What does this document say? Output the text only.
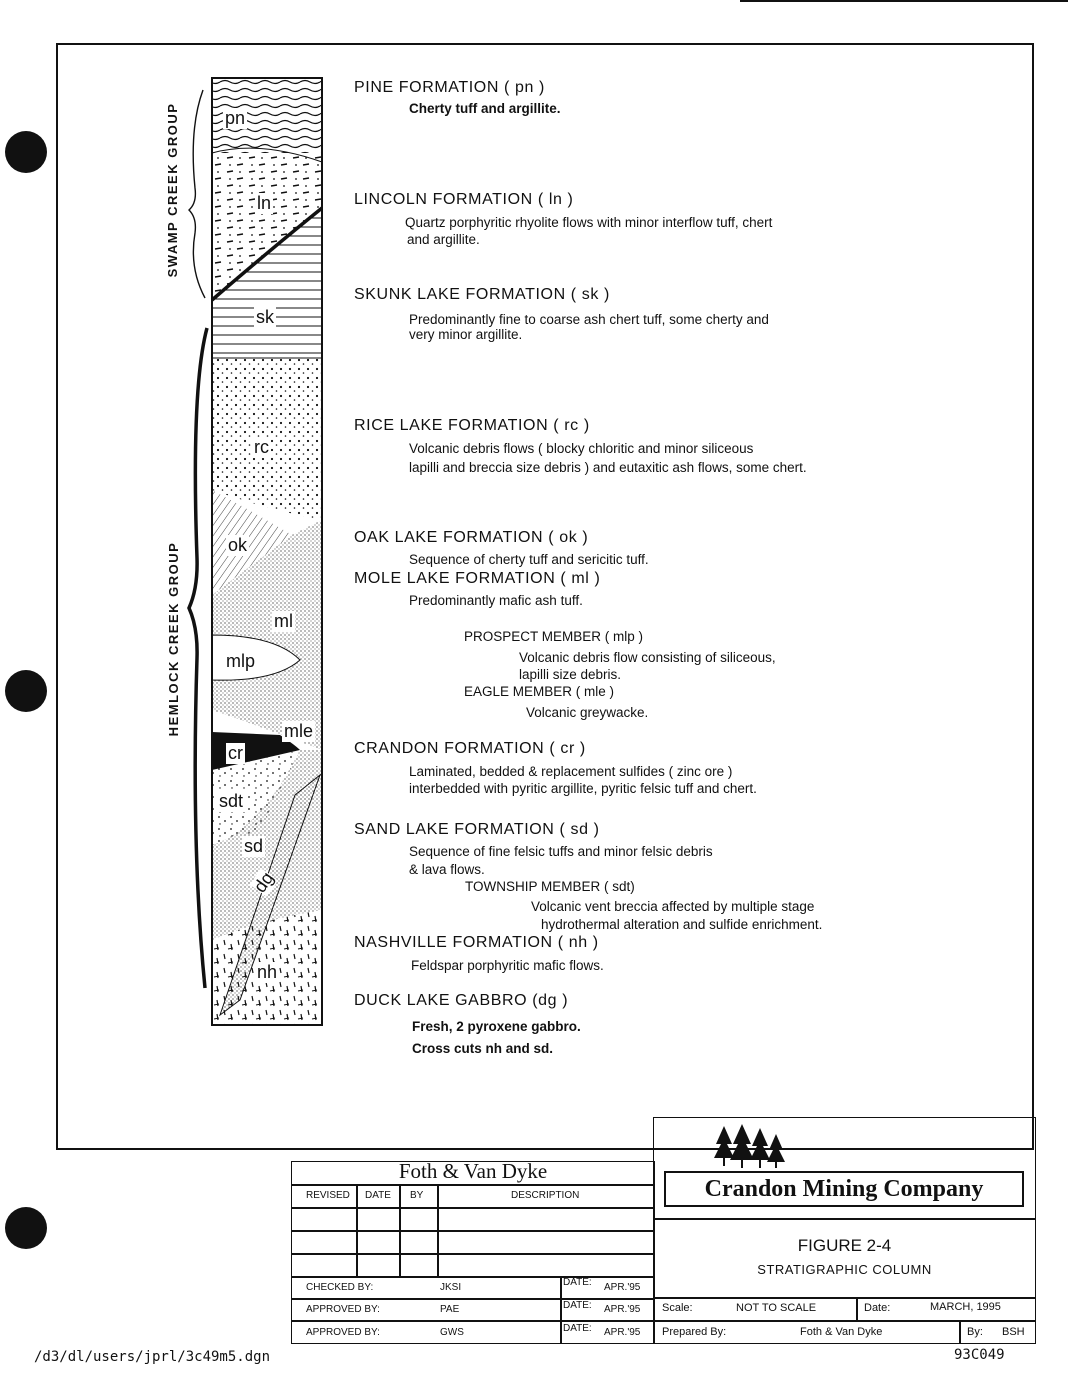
SWAMP CREEK GROUP
HEMLOCK CREEK GROUP
pn
ln
sk
rc
ok
ml
mlp
mle
cr
sdt
sd
dg
nh
PINE FORMATION ( pn )
Cherty tuff and argillite.
LINCOLN FORMATION ( ln )
Quartz porphyritic rhyolite flows with minor interflow tuff, chert
and argillite.
SKUNK LAKE FORMATION ( sk )
Predominantly fine to coarse ash chert tuff, some cherty and
very minor argillite.
RICE LAKE FORMATION ( rc )
Volcanic debris flows ( blocky chloritic and minor siliceous
lapilli and breccia size debris ) and eutaxitic ash flows, some chert.
OAK LAKE FORMATION ( ok )
Sequence of cherty tuff and sericitic tuff.
MOLE LAKE FORMATION ( ml )
Predominantly mafic ash tuff.
PROSPECT MEMBER ( mlp )
Volcanic debris flow consisting of siliceous,
lapilli size debris.
EAGLE MEMBER ( mle )
Volcanic greywacke.
CRANDON FORMATION ( cr )
Laminated, bedded & replacement sulfides ( zinc ore )
interbedded with pyritic argillite, pyritic felsic tuff and chert.
SAND LAKE FORMATION ( sd )
Sequence of fine felsic tuffs and minor felsic debris
& lava flows.
TOWNSHIP MEMBER ( sdt)
Volcanic vent breccia affected by multiple stage
hydrothermal alteration and sulfide enrichment.
NASHVILLE FORMATION ( nh )
Feldspar porphyritic mafic flows.
DUCK LAKE GABBRO (dg )
Fresh, 2 pyroxene gabbro.
Cross cuts nh and sd.
Foth & Van Dyke
REVISED DATE BY	DESCRIPTION
CHECKED BY:	JKSI	DATE: APR.'95
APPROVED BY:	PAE	DATE: APR.'95
APPROVED BY:	GWS	DATE: APR.'95
Crandon Mining Company
FIGURE 2-4
STRATIGRAPHIC COLUMN
Scale:	NOT TO SCALE	Date:	MARCH, 1995
Prepared By:	Foth & Van Dyke	By: BSH
/d3/dl/users/jprl/3c49m5.dgn	93C049
